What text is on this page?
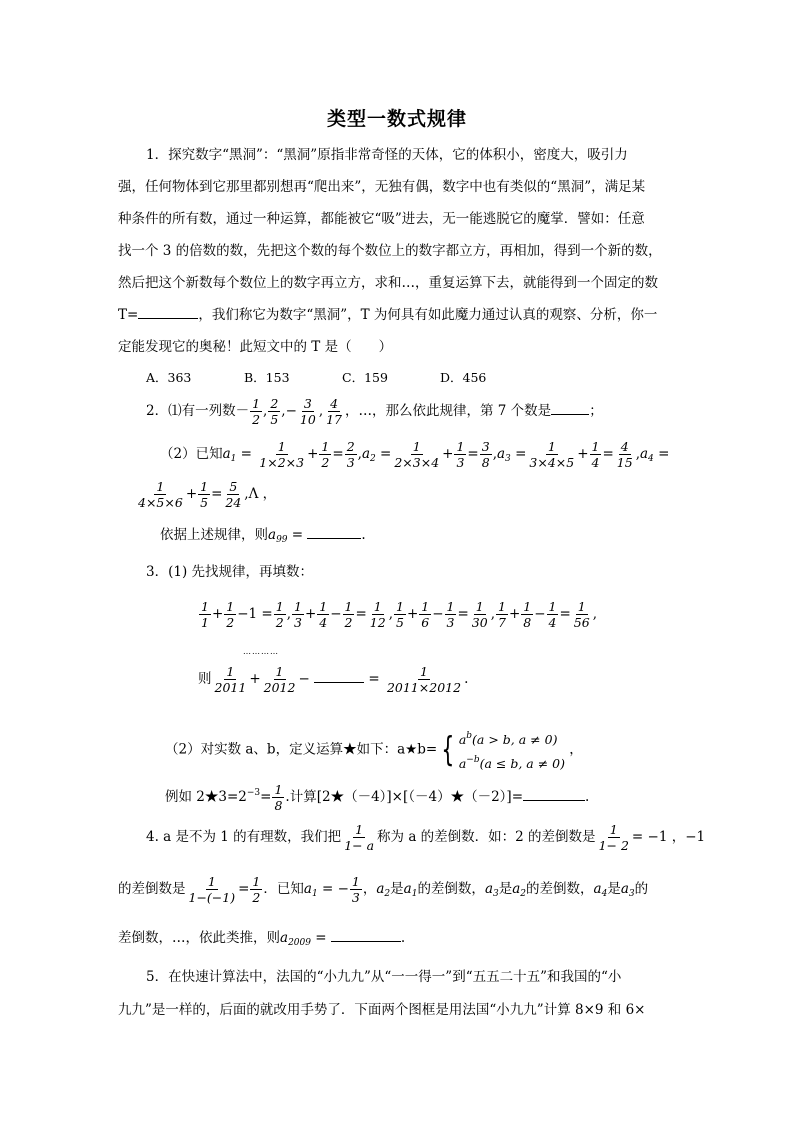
类型一数式规律
1．探究数字“黑洞”：“黑洞”原指非常奇怪的天体，它的体积小，密度大，吸引力
强，任何物体到它那里都别想再“爬出来”，无独有偶，数字中也有类似的“黑洞”，满足某
种条件的所有数，通过一种运算，都能被它“吸”进去，无一能逃脱它的魔掌．譬如：任意
找一个 3 的倍数的数，先把这个数的每个数位上的数字都立方，再相加，得到一个新的数，
然后把这个新数每个数位上的数字再立方，求和…，重复运算下去，就能得到一个固定的数
T=	，我们称它为数字“黑洞”，T 为何具有如此魔力通过认真的观察、分析，你一
定能发现它的奥秘！此短文中的 T 是（　　）
A．363	B．153	C．159	D．456
2．⑴有一列数－ $\frac{1}{2}$ , $\frac{2}{5}$ ,− $\frac{3}{10}$ , $\frac{4}{17}$ ，…，那么依此规律，第 7 个数是	；
（2）已知$a_1 = \frac{1}{1\times 2\times 3} + \frac{1}{2} = \frac{2}{3} ,a_2 = \frac{1}{2\times 3\times 4} + \frac{1}{3} = \frac{3}{8} ,a_3 = \frac{1}{3\times 4\times 5} + \frac{1}{4} = \frac{4}{15} ,a_4$ =
$\frac{1}{4\times 5\times 6} + \frac{1}{5} = \frac{5}{24} ,\Lambda$ ，
依据上述规律，则$a_{99}$ =	.
3．(1) 先找规律，再填数：
$\frac{1}{1} + \frac{1}{2} -1 = \frac{1}{2}$ , $\frac{1}{3} + \frac{1}{4} - \frac{1}{2} = \frac{1}{12}$ , $\frac{1}{5} + \frac{1}{6} - \frac{1}{3} = \frac{1}{30}$ , $\frac{1}{7} + \frac{1}{8} - \frac{1}{4} = \frac{1}{56}$ ,
…………
则 $\frac{1}{2011} + \frac{1}{2012}$ −	= $\frac{1}{2011\times 2012}$ .
（2）对实数 a、b，定义运算★如下：a★b= { $a^b(a > b$, a ≠ 0)
$a^{-b}(a \le b$, a ≠ 0)
，
例如 $2★3=2^{-3}= \frac{1}{8}$ .计算[2★（－4）]×[（－4）★（－2）]=	.
4. a 是不为 1 的有理数，我们把 $\frac{1}{1- a}$ 称为 a 的差倒数．如：2 的差倒数是 $\frac{1}{1- 2} = -1$ ，−1
的差倒数是 $\frac{1}{1-(-1)} = \frac{1}{2}$ ．已知$a_1$ = − $\frac{1}{3}$ ，$a_2$是$a_1$的差倒数，$a_3$是$a_2$的差倒数，$a_4$是$a_3$的
差倒数，…，依此类推，则$a_{2009}$ =	.
5．在快速计算法中，法国的“小九九”从“一一得一”到“五五二十五”和我国的“小
九九”是一样的，后面的就改用手势了．下面两个图框是用法国“小九九”计算 8×9 和 6×
